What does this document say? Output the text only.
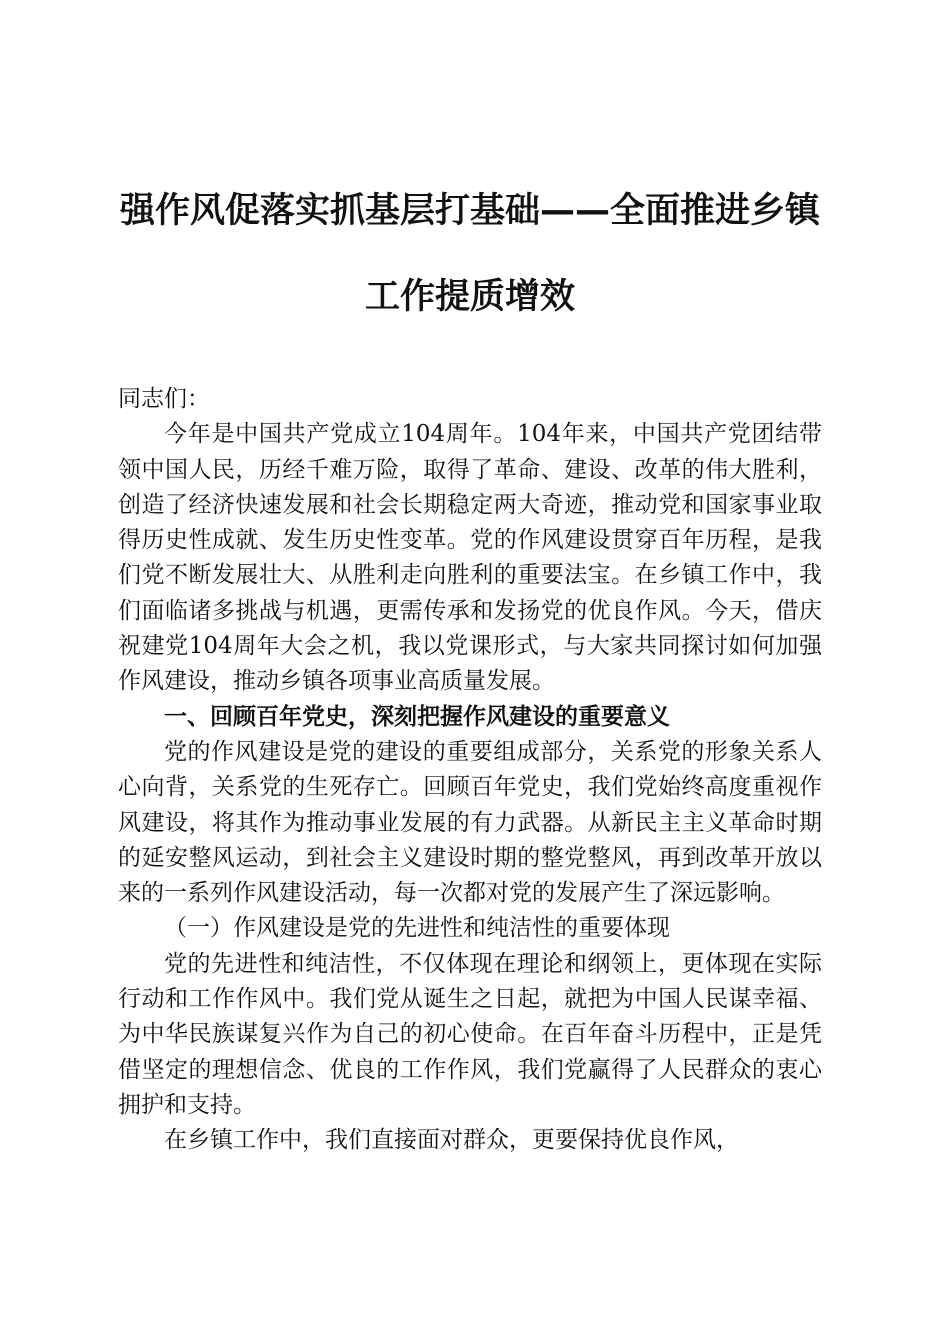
强作风促落实抓基层打基础——全面推进乡镇
工作提质增效

同志们：

今年是中国共产党成立104周年。104年来，中国共产党团结带领中国人民，历经千难万险，取得了革命、建设、改革的伟大胜利，创造了经济快速发展和社会长期稳定两大奇迹，推动党和国家事业取得历史性成就、发生历史性变革。党的作风建设贯穿百年历程，是我们党不断发展壮大、从胜利走向胜利的重要法宝。在乡镇工作中，我们面临诸多挑战与机遇，更需传承和发扬党的优良作风。今天，借庆祝建党104周年大会之机，我以党课形式，与大家共同探讨如何加强作风建设，推动乡镇各项事业高质量发展。

一、回顾百年党史，深刻把握作风建设的重要意义

党的作风建设是党的建设的重要组成部分，关系党的形象关系人心向背，关系党的生死存亡。回顾百年党史，我们党始终高度重视作风建设，将其作为推动事业发展的有力武器。从新民主主义革命时期的延安整风运动，到社会主义建设时期的整党整风，再到改革开放以来的一系列作风建设活动，每一次都对党的发展产生了深远影响。

（一）作风建设是党的先进性和纯洁性的重要体现

党的先进性和纯洁性，不仅体现在理论和纲领上，更体现在实际行动和工作作风中。我们党从诞生之日起，就把为中国人民谋幸福、为中华民族谋复兴作为自己的初心使命。在百年奋斗历程中，正是凭借坚定的理想信念、优良的工作作风，我们党赢得了人民群众的衷心拥护和支持。

在乡镇工作中，我们直接面对群众，更要保持优良作风，
